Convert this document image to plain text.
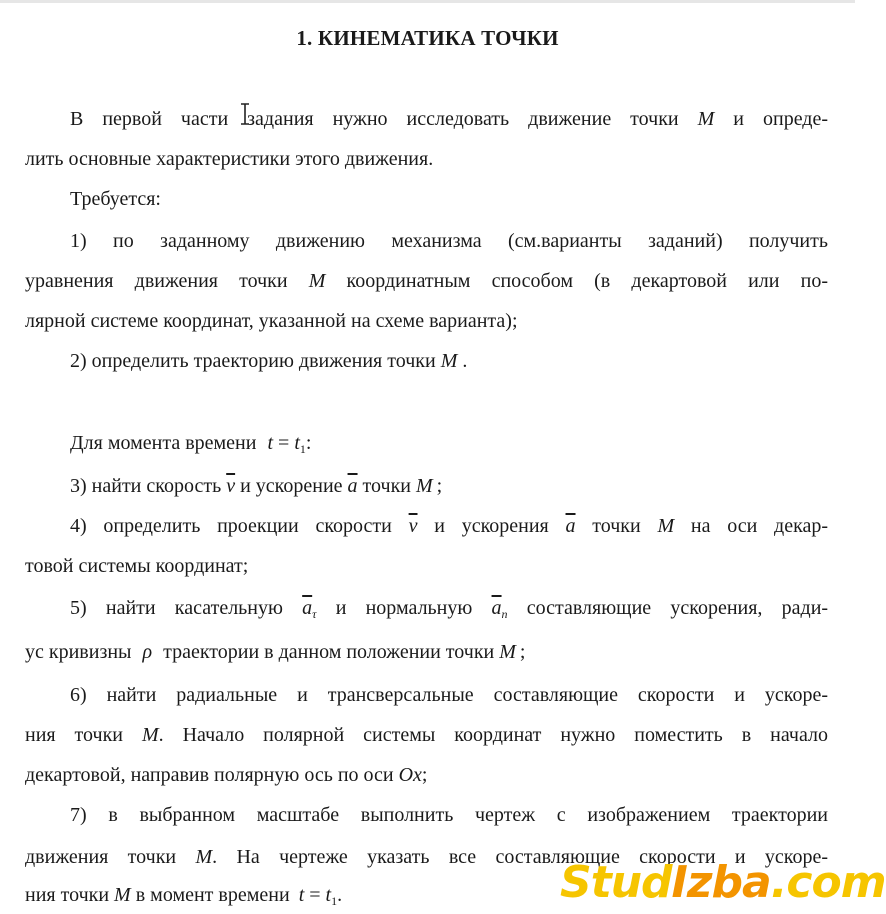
1. КИНЕМАТИКА ТОЧКИ
В первой части задания нужно исследовать движение точки M и опреде-
лить основные характеристики этого движения.
Требуется:
1) по заданному движению механизма (см.варианты заданий) получить
уравнения движения точки M координатным способом (в декартовой или по-
лярной системе координат, указанной на схеме варианта);
2) определить траекторию движения точки M .
Для момента времени $t = t_1$:
3) найти скорость $\overline{v}$ и ускорение $\overline{a}$ точки M ;
4) определить проекции скорости $\overline{v}$ и ускорения $\overline{a}$ точки M на оси декар-
товой системы координат;
5) найти касательную $\overline{a}_\tau$ и нормальную $\overline{a}_n$ составляющие ускорения, ради-
ус кривизны ρ траектории в данном положении точки M ;
6) найти радиальные и трансверсальные составляющие скорости и ускоре-
ния точки M. Начало полярной системы координат нужно поместить в начало
декартовой, направив полярную ось по оси Ox;
7) в выбранном масштабе выполнить чертеж с изображением траектории
движения точки M. На чертеже указать все составляющие скорости и ускоре-
ния точки M в момент времени $t = t_1$.	StudIzba.com
